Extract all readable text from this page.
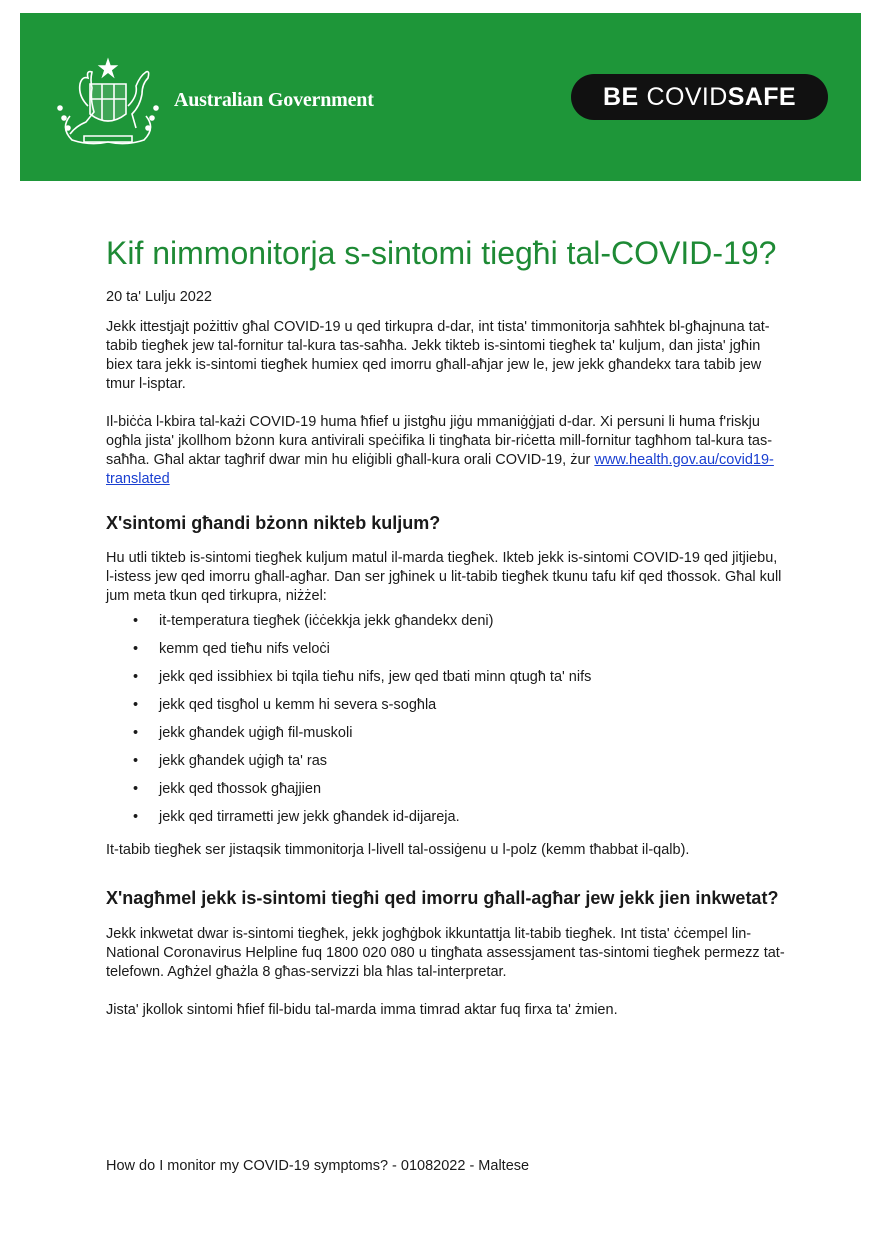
Australian Government	BE COVID SAFE
Kif nimmonitorja s-sintomi tiegħi tal-COVID-19?
20 ta' Lulju 2022

Jekk ittestjajt pożittiv għal COVID-19 u qed tirkupra d-dar, int tista' timmonitorja saħħtek bl-għajnuna tat-tabib tiegħek jew tal-fornitur tal-kura tas-saħħa. Jekk tikteb is-sintomi tiegħek ta' kuljum, dan jista' jgħin biex tara jekk is-sintomi tiegħek humiex qed imorru għall-aħjar jew le, jew jekk għandekx tara tabib jew tmur l-isptar.

Il-biċċa l-kbira tal-każi COVID-19 huma ħfief u jistgħu jiġu mmaniġġjati d-dar. Xi persuni li huma f'riskju ogħla jista' jkollhom bżonn kura antivirali speċifika li tingħata bir-riċetta mill-fornitur tagħhom tal-kura tas-saħħa. Għal aktar tagħrif dwar min hu eliġibli għall-kura orali COVID-19, żur www.health.gov.au/covid19-translated

X'sintomi għandi bżonn nikteb kuljum?

Hu utli tikteb is-sintomi tiegħek kuljum matul il-marda tiegħek. Ikteb jekk is-sintomi COVID-19 qed jitjiebu, l-istess jew qed imorru għall-agħar. Dan ser jgħinek u lit-tabib tiegħek tkunu tafu kif qed tħossok. Għal kull jum meta tkun qed tirkupra, niżżel:

• it-temperatura tiegħek (iċċekkja jekk għandekx deni)
• kemm qed tieħu nifs veloċi
• jekk qed issibhiex bi tqila tieħu nifs, jew qed tbati minn qtugħ ta' nifs
• jekk qed tisgħol u kemm hi severa s-sogħla
• jekk għandek uġigħ fil-muskoli
• jekk għandek uġigħ ta' ras
• jekk qed tħossok għajjien
• jekk qed tirrametti jew jekk għandek id-dijareja.

It-tabib tiegħek ser jistaqsik timmonitorja l-livell tal-ossiġenu u l-polz (kemm tħabbat il-qalb).

X'nagħmel jekk is-sintomi tiegħi qed imorru għall-agħar jew jekk jien inkwetat?

Jekk inkwetat dwar is-sintomi tiegħek, jekk jogħġbok ikkuntattja lit-tabib tiegħek. Int tista' ċċempel lin-National Coronavirus Helpline fuq 1800 020 080 u tingħata assessjament tas-sintomi tiegħek permezz tat-telefown. Agħżel għażla 8 għas-servizzi bla ħlas tal-interpretar.

Jista' jkollok sintomi ħfief fil-bidu tal-marda imma timrad aktar fuq firxa ta' żmien.

How do I monitor my COVID-19 symptoms? - 01082022 - Maltese
